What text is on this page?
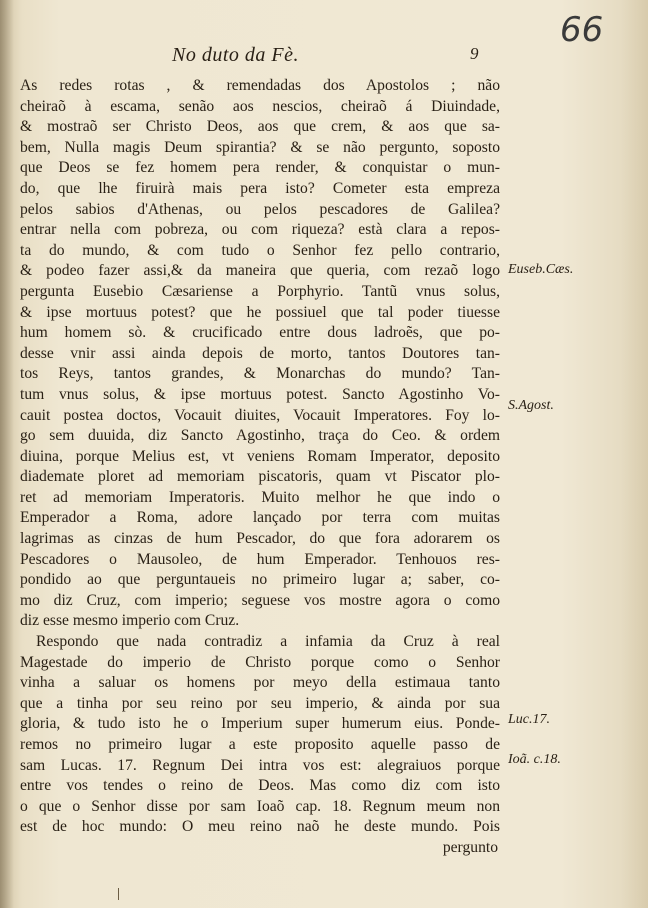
66
No duto da Fè.	9
As redes rotas , & remendadas dos Apostolos ; não
cheiraõ à escama, senão aos nescios, cheiraõ á Diuindade,
& mostraõ ser Christo Deos, aos que crem, & aos que sa-
bem, Nulla magis Deum spirantia? & se não pergunto, soposto
que Deos se fez homem pera render, & conquistar o mun-
do, que lhe firuirà mais pera isto? Cometer esta empreza
pelos sabios d'Athenas, ou pelos pescadores de Galilea?
entrar nella com pobreza, ou com riqueza? està clara a repos-
ta do mundo, & com tudo o Senhor fez pello contrario,
& podeo fazer assi,& da maneira que queria, com rezaõ logo
pergunta Eusebio Cæsariense a Porphyrio. Tantũ vnus solus,
& ipse mortuus potest? que he possiuel que tal poder tiuesse
hum homem sò. & crucificado entre dous ladroẽs, que po-
desse vnir assi ainda depois de morto, tantos Doutores tan-
tos Reys, tantos grandes, & Monarchas do mundo? Tan-
tum vnus solus, & ipse mortuus potest. Sancto Agostinho Vo-
cauit postea doctos, Vocauit diuites, Vocauit Imperatores. Foy lo-
go sem duuida, diz Sancto Agostinho, traça do Ceo. & ordem
diuina, porque Melius est, vt veniens Romam Imperator, deposito
diademate ploret ad memoriam piscatoris, quam vt Piscator plo-
ret ad memoriam Imperatoris. Muito melhor he que indo o
Emperador a Roma, adore lançado por terra com muitas
lagrimas as cinzas de hum Pescador, do que fora adorarem os
Pescadores o Mausoleo, de hum Emperador. Tenhouos res-
pondido ao que perguntaueis no primeiro lugar a; saber, co-
mo diz Cruz, com imperio; seguese vos mostre agora o como
diz esse mesmo imperio com Cruz.
Respondo que nada contradiz a infamia da Cruz à real
Magestade do imperio de Christo porque como o Senhor
vinha a saluar os homens por meyo della estimaua tanto
que a tinha por seu reino por seu imperio, & ainda por sua
gloria, & tudo isto he o Imperium super humerum eius. Ponde-
remos no primeiro lugar a este proposito aquelle passo de
sam Lucas. 17. Regnum Dei intra vos est: alegraiuos porque
entre vos tendes o reino de Deos. Mas como diz com isto
o que o Senhor disse por sam Ioaõ cap. 18. Regnum meum non
est de hoc mundo: O meu reino naõ he deste mundo. Pois
pergunto
Euseb.Cæs.
S.Agost.
Luc.17.
Ioã. c.18.
